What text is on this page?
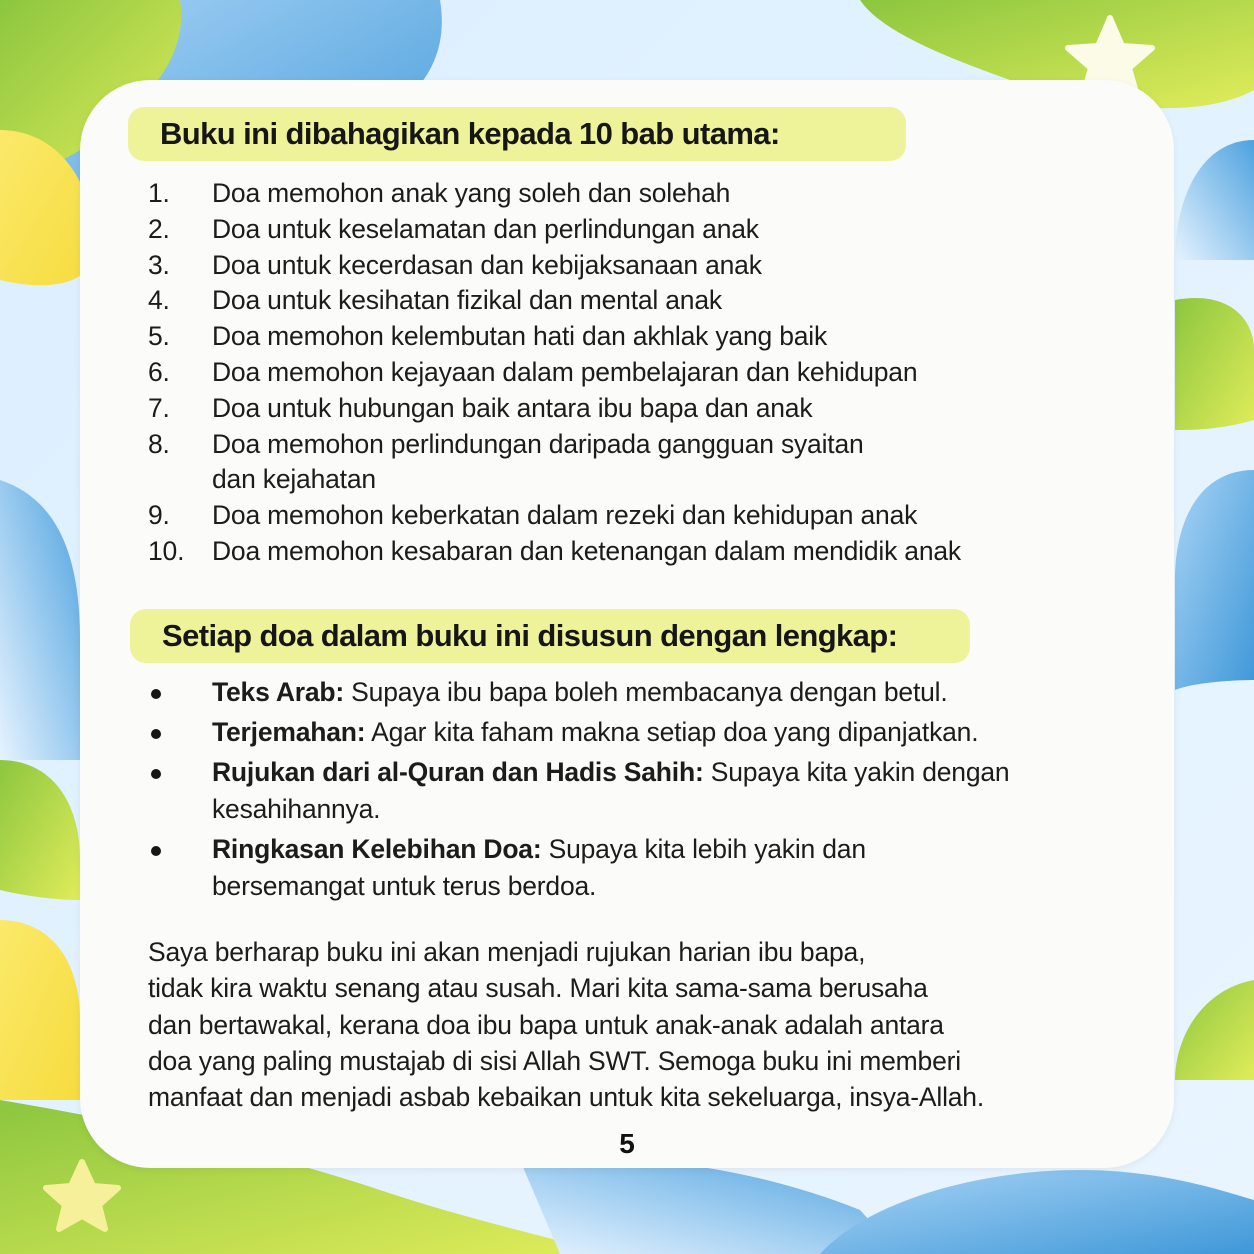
Buku ini dibahagikan kepada 10 bab utama:
1. Doa memohon anak yang soleh dan solehah
2. Doa untuk keselamatan dan perlindungan anak
3. Doa untuk kecerdasan dan kebijaksanaan anak
4. Doa untuk kesihatan fizikal dan mental anak
5. Doa memohon kelembutan hati dan akhlak yang baik
6. Doa memohon kejayaan dalam pembelajaran dan kehidupan
7. Doa untuk hubungan baik antara ibu bapa dan anak
8. Doa memohon perlindungan daripada gangguan syaitan
dan kejahatan
9. Doa memohon keberkatan dalam rezeki dan kehidupan anak
10. Doa memohon kesabaran dan ketenangan dalam mendidik anak
Setiap doa dalam buku ini disusun dengan lengkap:
Teks Arab: Supaya ibu bapa boleh membacanya dengan betul.
Terjemahan: Agar kita faham makna setiap doa yang dipanjatkan.
Rujukan dari al-Quran dan Hadis Sahih: Supaya kita yakin dengan kesahihannya.
Ringkasan Kelebihan Doa: Supaya kita lebih yakin dan bersemangat untuk terus berdoa.

Saya berharap buku ini akan menjadi rujukan harian ibu bapa,
tidak kira waktu senang atau susah. Mari kita sama-sama berusaha
dan bertawakal, kerana doa ibu bapa untuk anak-anak adalah antara
doa yang paling mustajab di sisi Allah SWT. Semoga buku ini memberi
manfaat dan menjadi asbab kebaikan untuk kita sekeluarga, insya-Allah.

5
